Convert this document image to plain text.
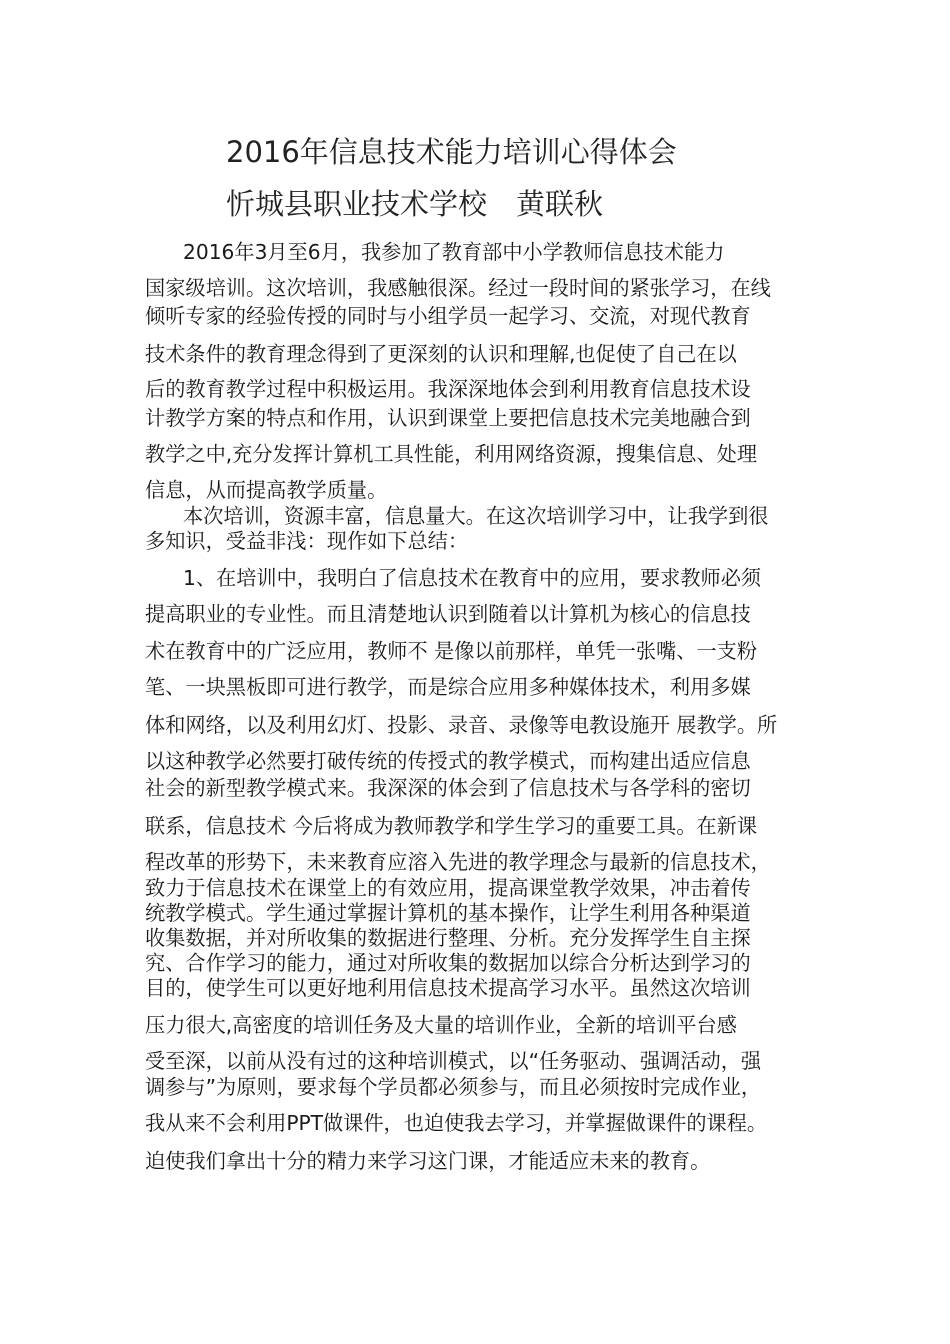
2016年信息技术能力培训心得体会
忻城县职业技术学校　黄联秋
2016年3月至6月，我参加了教育部中小学教师信息技术能力
国家级培训。这次培训，我感触很深。经过一段时间的紧张学习，在线
倾听专家的经验传授的同时与小组学员一起学习、交流，对现代教育
技术条件的教育理念得到了更深刻的认识和理解,也促使了自己在以
后的教育教学过程中积极运用。我深深地体会到利用教育信息技术设
计教学方案的特点和作用，认识到课堂上要把信息技术完美地融合到
教学之中,充分发挥计算机工具性能，利用网络资源，搜集信息、处理
信息，从而提高教学质量。
本次培训，资源丰富，信息量大。在这次培训学习中，让我学到很
多知识，受益非浅：现作如下总结：
1、在培训中，我明白了信息技术在教育中的应用，要求教师必须
提高职业的专业性。而且清楚地认识到随着以计算机为核心的信息技
术在教育中的广泛应用，教师不 是像以前那样，单凭一张嘴、一支粉
笔、一块黑板即可进行教学，而是综合应用多种媒体技术，利用多媒
体和网络，以及利用幻灯、投影、录音、录像等电教设施开 展教学。所
以这种教学必然要打破传统的传授式的教学模式，而构建出适应信息
社会的新型教学模式来。我深深的体会到了信息技术与各学科的密切
联系，信息技术 今后将成为教师教学和学生学习的重要工具。在新课
程改革的形势下，未来教育应溶入先进的教学理念与最新的信息技术，
致力于信息技术在课堂上的有效应用，提高课堂教学效果，冲击着传
统教学模式。学生通过掌握计算机的基本操作，让学生利用各种渠道
收集数据，并对所收集的数据进行整理、分析。充分发挥学生自主探
究、合作学习的能力，通过对所收集的数据加以综合分析达到学习的
目的，使学生可以更好地利用信息技术提高学习水平。虽然这次培训
压力很大,高密度的培训任务及大量的培训作业，全新的培训平台感
受至深，以前从没有过的这种培训模式，以“任务驱动、强调活动，强
调参与”为原则，要求每个学员都必须参与，而且必须按时完成作业，
我从来不会利用PPT做课件，也迫使我去学习，并掌握做课件的课程。
迫使我们拿出十分的精力来学习这门课，才能适应未来的教育。
